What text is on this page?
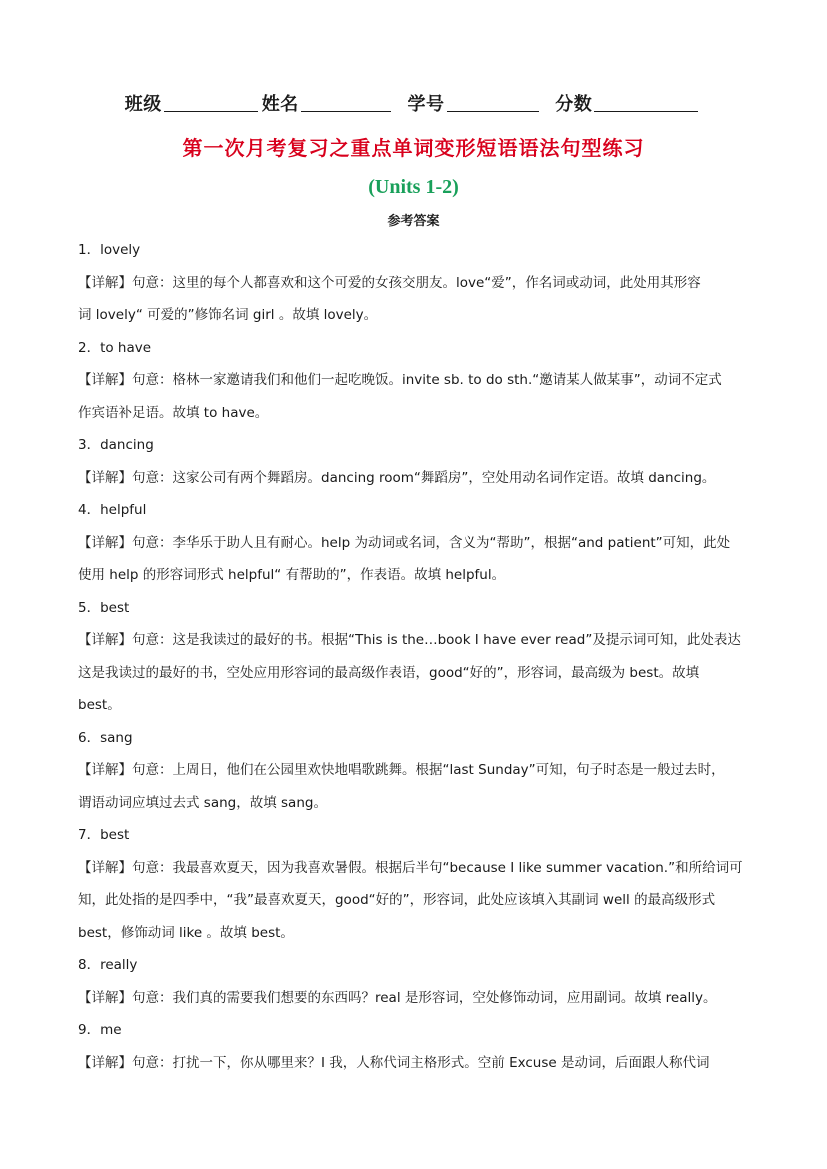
班级	姓名	学号	分数
第一次月考复习之重点单词变形短语语法句型练习
(Units 1-2)
参考答案
1．lovely
【详解】句意：这里的每个人都喜欢和这个可爱的女孩交朋友。love“爱”，作名词或动词，此处用其形容
词 lovely“ 可爱的”修饰名词 girl 。故填 lovely。
2．to have
【详解】句意：格林一家邀请我们和他们一起吃晚饭。invite sb. to do sth.“邀请某人做某事”，动词不定式
作宾语补足语。故填 to have。
3．dancing
【详解】句意：这家公司有两个舞蹈房。dancing room“舞蹈房”，空处用动名词作定语。故填 dancing。
4．helpful
【详解】句意：李华乐于助人且有耐心。help 为动词或名词，含义为“帮助”，根据“and patient”可知，此处
使用 help 的形容词形式 helpful“ 有帮助的”，作表语。故填 helpful。
5．best
【详解】句意：这是我读过的最好的书。根据“This is the…book I have ever read”及提示词可知，此处表达
这是我读过的最好的书，空处应用形容词的最高级作表语，good“好的”，形容词，最高级为 best。故填
best。
6．sang
【详解】句意：上周日，他们在公园里欢快地唱歌跳舞。根据“last Sunday”可知，句子时态是一般过去时，
谓语动词应填过去式 sang，故填 sang。
7．best
【详解】句意：我最喜欢夏天，因为我喜欢暑假。根据后半句“because I like summer vacation.”和所给词可
知，此处指的是四季中，“我”最喜欢夏天，good“好的”，形容词，此处应该填入其副词 well 的最高级形式
best，修饰动词 like 。故填 best。
8．really
【详解】句意：我们真的需要我们想要的东西吗？real 是形容词，空处修饰动词，应用副词。故填 really。
9．me
【详解】句意：打扰一下，你从哪里来？I 我，人称代词主格形式。空前 Excuse 是动词，后面跟人称代词
